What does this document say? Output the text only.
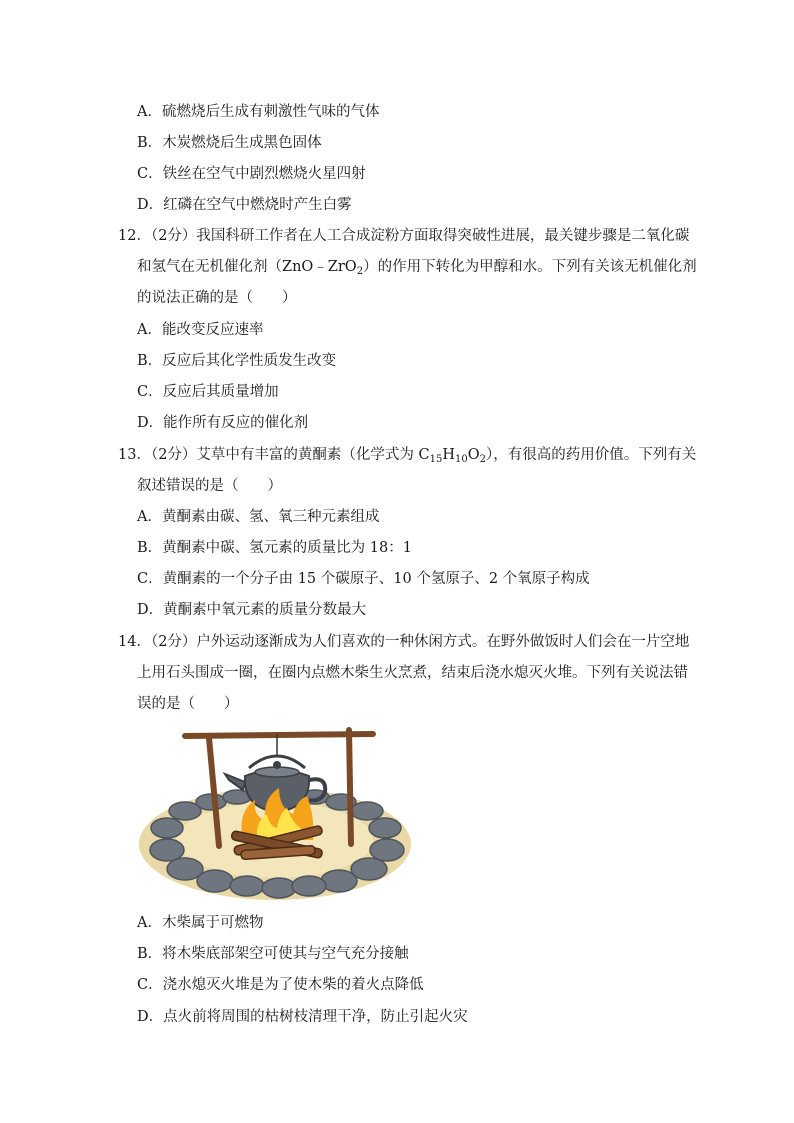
A．硫燃烧后生成有刺激性气味的气体
B．木炭燃烧后生成黑色固体
C．铁丝在空气中剧烈燃烧火星四射
D．红磷在空气中燃烧时产生白雾
12．（2分）我国科研工作者在人工合成淀粉方面取得突破性进展，最关键步骤是二氧化碳
和氢气在无机催化剂（ZnO﹣ZrO$_2$）的作用下转化为甲醇和水。下列有关该无机催化剂
的说法正确的是（　　）
A．能改变反应速率
B．反应后其化学性质发生改变
C．反应后其质量增加
D．能作所有反应的催化剂
13．（2分）艾草中有丰富的黄酮素（化学式为 $C_{15}H_{10}O_2$），有很高的药用价值。下列有关
叙述错误的是（　　）
A．黄酮素由碳、氢、氧三种元素组成
B．黄酮素中碳、氢元素的质量比为 18：1
C．黄酮素的一个分子由 15 个碳原子、10 个氢原子、2 个氧原子构成
D．黄酮素中氧元素的质量分数最大
14．（2分）户外运动逐渐成为人们喜欢的一种休闲方式。在野外做饭时人们会在一片空地
上用石头围成一圈，在圈内点燃木柴生火烹煮，结束后浇水熄灭火堆。下列有关说法错
误的是（　　）
A．木柴属于可燃物
B．将木柴底部架空可使其与空气充分接触
C．浇水熄灭火堆是为了使木柴的着火点降低
D．点火前将周围的枯树枝清理干净，防止引起火灾
